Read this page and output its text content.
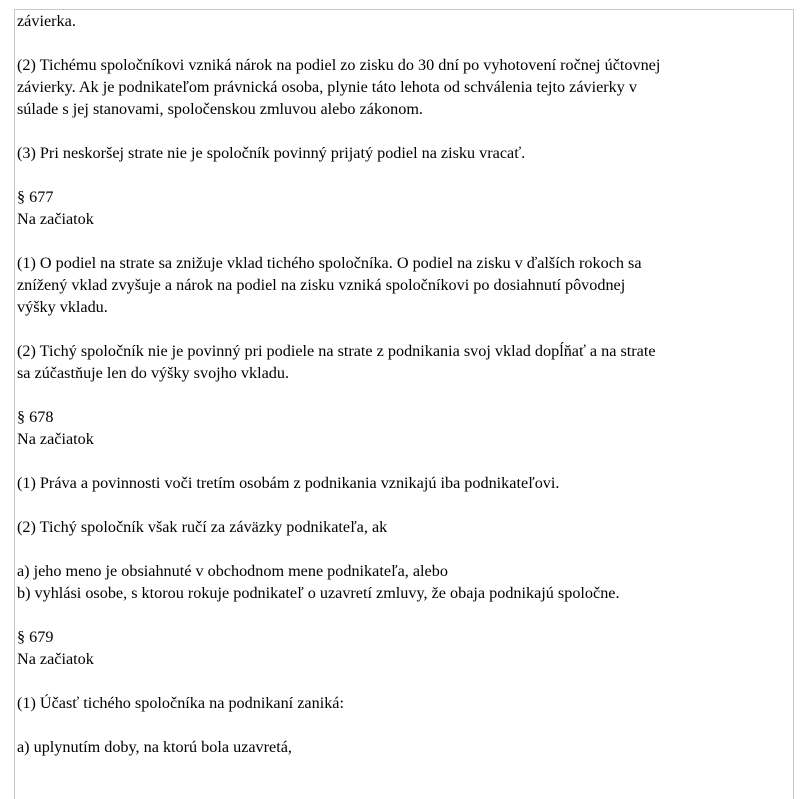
závierka.
(2) Tichému spoločníkovi vzniká nárok na podiel zo zisku do 30 dní po vyhotovení ročnej účtovnej
závierky. Ak je podnikateľom právnická osoba, plynie táto lehota od schválenia tejto závierky v
súlade s jej stanovami, spoločenskou zmluvou alebo zákonom.
(3) Pri neskoršej strate nie je spoločník povinný prijatý podiel na zisku vracať.
§ 677
Na začiatok
(1) O podiel na strate sa znižuje vklad tichého spoločníka. O podiel na zisku v ďalších rokoch sa
znížený vklad zvyšuje a nárok na podiel na zisku vzniká spoločníkovi po dosiahnutí pôvodnej
výšky vkladu.
(2) Tichý spoločník nie je povinný pri podiele na strate z podnikania svoj vklad dopĺňať a na strate
sa zúčastňuje len do výšky svojho vkladu.
§ 678
Na začiatok
(1) Práva a povinnosti voči tretím osobám z podnikania vznikajú iba podnikateľovi.
(2) Tichý spoločník však ručí za záväzky podnikateľa, ak
a) jeho meno je obsiahnuté v obchodnom mene podnikateľa, alebo
b) vyhlási osobe, s ktorou rokuje podnikateľ o uzavretí zmluvy, že obaja podnikajú spoločne.
§ 679
Na začiatok
(1) Účasť tichého spoločníka na podnikaní zaniká:
a) uplynutím doby, na ktorú bola uzavretá,
